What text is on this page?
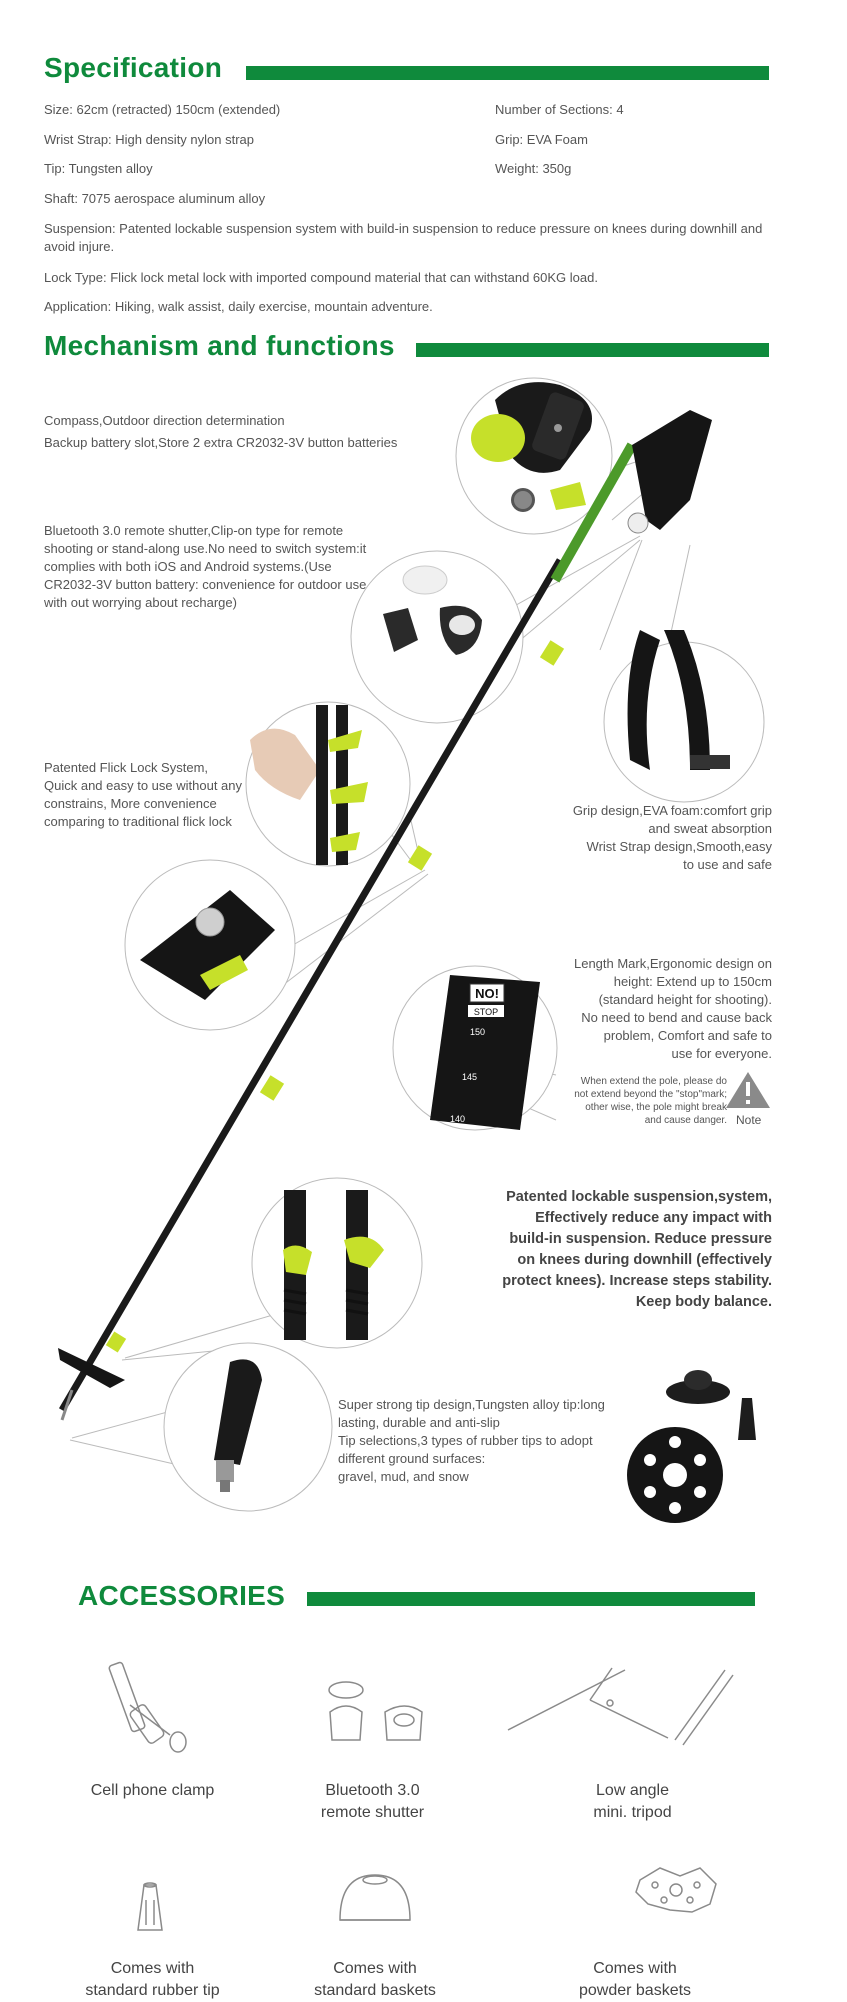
Specification
Size: 62cm (retracted) 150cm (extended)	Number of Sections: 4
Wrist Strap: High density nylon strap	Grip: EVA Foam
Tip: Tungsten alloy	Weight: 350g
Shaft: 7075 aerospace aluminum alloy
Suspension: Patented lockable suspension system with build-in suspension to reduce pressure on knees during downhill and avoid injure.
Lock Type: Flick lock metal lock with imported compound material that can withstand 60KG load.
Application: Hiking, walk assist, daily exercise, mountain adventure.
Mechanism and functions
NO!
STOP
150
145
140
Compass,Outdoor direction determination
Backup battery slot,Store 2 extra CR2032-3V button batteries
Bluetooth 3.0 remote shutter,Clip-on type for remote shooting or stand-along use.No need to switch system:it complies with both iOS and Android systems.(Use CR2032-3V button battery: convenience for outdoor use with out worrying about recharge)
Patented Flick Lock System, Quick and easy to use without any constrains, More convenience comparing to traditional flick lock
Grip design,EVA foam:comfort grip
and sweat absorption
Wrist Strap design,Smooth,easy
to use and safe
Length Mark,Ergonomic design on
height: Extend up to 150cm
(standard height for shooting).
No need to bend and cause back
problem, Comfort and safe to
use for everyone.
When extend the pole, please do
not extend beyond the "stop"mark;
other wise, the pole might break
and cause danger. Note
Patented lockable suspension,system,
Effectively reduce any impact with
build-in suspension. Reduce pressure
on knees during downhill (effectively
protect knees). Increase steps stability.
Keep body balance.
Super strong tip design,Tungsten alloy tip:long
lasting, durable and anti-slip
Tip selections,3 types of rubber tips to adopt
different ground surfaces:
gravel, mud, and snow
ACCESSORIES
Cell phone clamp	Bluetooth 3.0
remote shutter
Low angle
mini. tripod
Comes with
standard rubber tip
Comes with
standard baskets
Comes with
powder baskets
